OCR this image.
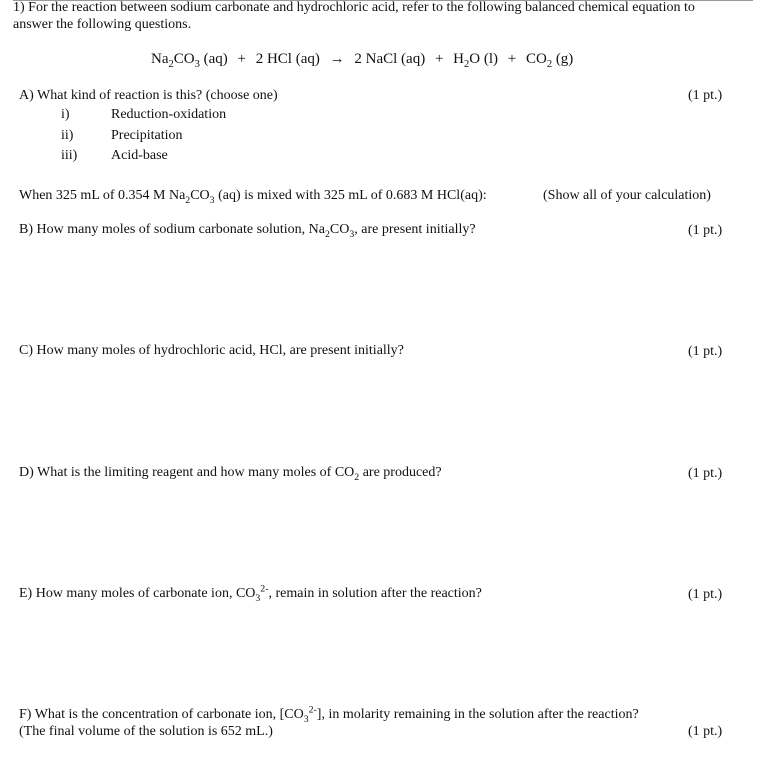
1) For the reaction between sodium carbonate and hydrochloric acid, refer to the following balanced chemical equation to
answer the following questions.
$Na_2CO_3$ (aq) + 2 HCl (aq) → 2 NaCl $(aq) + H_2O$ $(l) + CO_2$ (g)
A) What kind of reaction is this? (choose one)	(1 pt.)
i)	Reduction-oxidation
ii)	Precipitation
iii) Acid-base
When 325 mL of 0.354 M $Na_2CO_3$ (aq) is mixed with 325 mL of 0.683 M HCl(aq):	(Show all of your calculation)
B) How many moles of sodium carbonate solution, $Na_2CO_3$, are present initially?	(1 pt.)
C) How many moles of hydrochloric acid, HCl, are present initially?	(1 pt.)
D) What is the limiting reagent and how many moles of $CO_2$ are produced?	(1 pt.)
E) How many moles of carbonate ion, $CO_3^{2-}$, remain in solution after the reaction?	(1 pt.)
F) What is the concentration of carbonate ion, $[CO_3^{2-}]$, in molarity remaining in the solution after the reaction?
(The final volume of the solution is 652 mL.)	(1 pt.)
